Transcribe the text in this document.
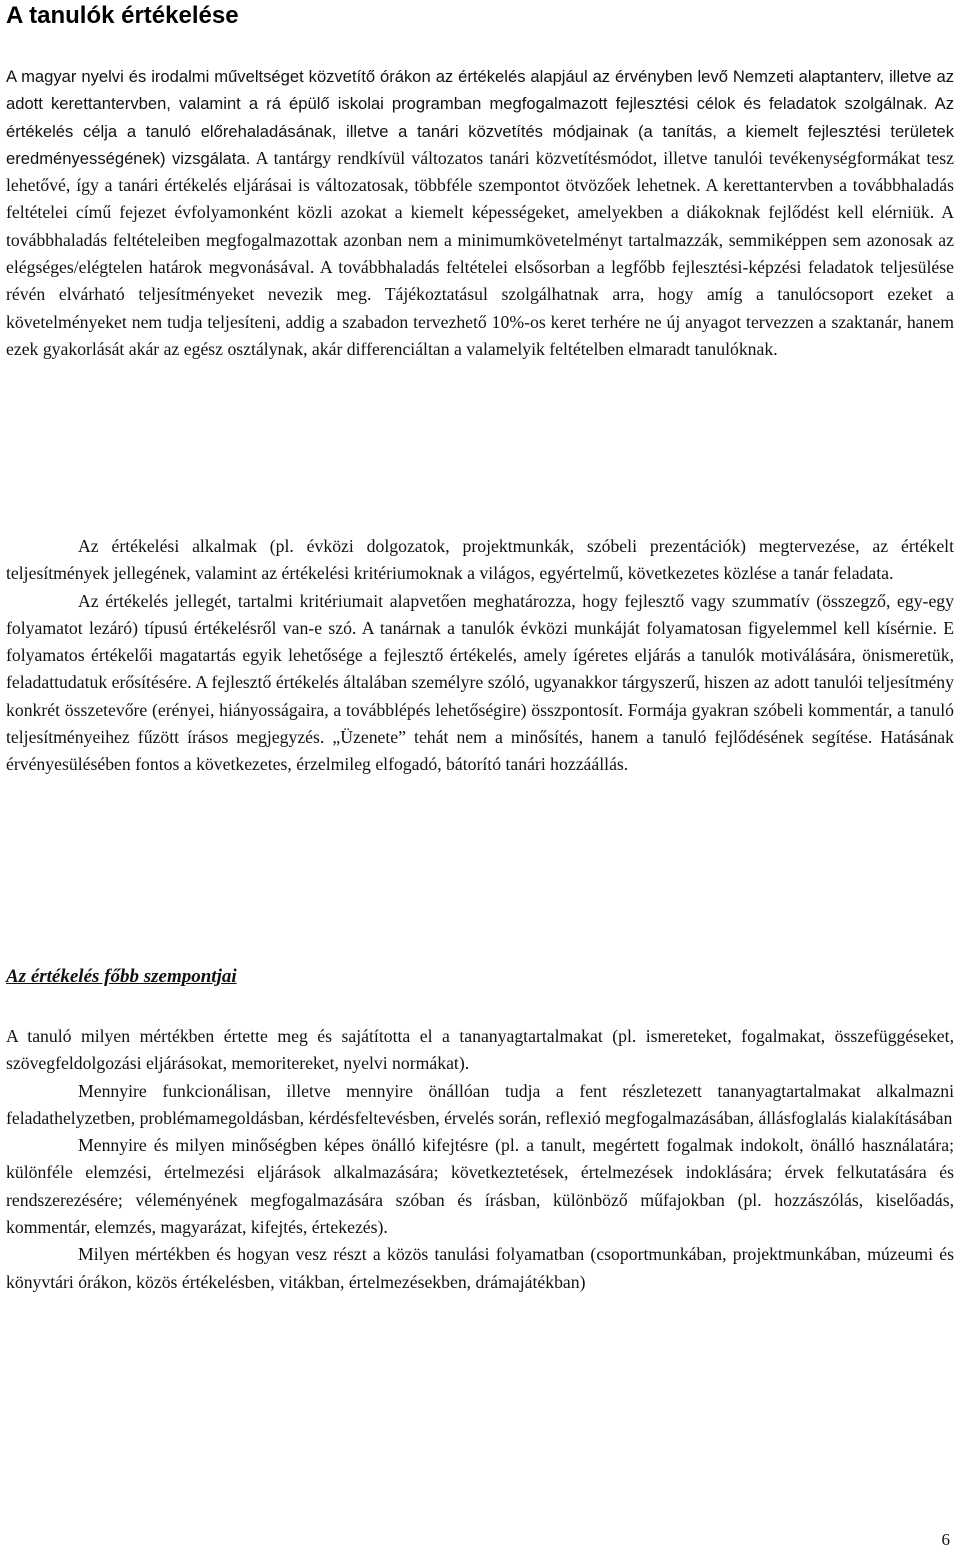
A tanulók értékelése

A magyar nyelvi és irodalmi műveltséget közvetítő órákon az értékelés alapjául az érvényben levő Nemzeti alaptanterv, illetve az adott kerettantervben, valamint a rá épülő iskolai programban megfogalmazott fejlesztési célok és feladatok szolgálnak. Az értékelés célja a tanuló előrehaladásának, illetve a tanári közvetítés módjainak (a tanítás, a kiemelt fejlesztési területek eredményességének) vizsgálata. A tantárgy rendkívül változatos tanári közvetítésmódot, illetve tanulói tevékenységformákat tesz lehetővé, így a tanári értékelés eljárásai is változatosak, többféle szempontot ötvözőek lehetnek. A kerettantervben a továbbhaladás feltételei című fejezet évfolyamonként közli azokat a kiemelt képességeket, amelyekben a diákoknak fejlődést kell elérniük. A továbbhaladás feltételeiben megfogalmazottak azonban nem a minimumkövetelményt tartalmazzák, semmiképpen sem azonosak az elégséges/elégtelen határok megvonásával. A továbbhaladás feltételei elsősorban a legfőbb fejlesztési-képzési feladatok teljesülése révén elvárható teljesítményeket nevezik meg. Tájékoztatásul szolgálhatnak arra, hogy amíg a tanulócsoport ezeket a követelményeket nem tudja teljesíteni, addig a szabadon tervezhető 10%-os keret terhére ne új anyagot tervezzen a szaktanár, hanem ezek gyakorlását akár az egész osztálynak, akár differenciáltan a valamelyik feltételben elmaradt tanulóknak.

Az értékelési alkalmak (pl. évközi dolgozatok, projektmunkák, szóbeli prezentációk) megtervezése, az értékelt teljesítmények jellegének, valamint az értékelési kritériumoknak a világos, egyértelmű, következetes közlése a tanár feladata.

Az értékelés jellegét, tartalmi kritériumait alapvetően meghatározza, hogy fejlesztő vagy szummatív (összegző, egy-egy folyamatot lezáró) típusú értékelésről van-e szó. A tanárnak a tanulók évközi munkáját folyamatosan figyelemmel kell kísérnie. E folyamatos értékelői magatartás egyik lehetősége a fejlesztő értékelés, amely ígéretes eljárás a tanulók motiválására, önismeretük, feladattudatuk erősítésére. A fejlesztő értékelés általában személyre szóló, ugyanakkor tárgyszerű, hiszen az adott tanulói teljesítmény konkrét összetevőre (erényei, hiányosságaira, a továbblépés lehetőségire) összpontosít. Formája gyakran szóbeli kommentár, a tanuló teljesítményeihez fűzött írásos megjegyzés. „Üzenete” tehát nem a minősítés, hanem a tanuló fejlődésének segítése. Hatásának érvényesülésében fontos a következetes, érzelmileg elfogadó, bátorító tanári hozzáállás.

Az értékelés főbb szempontjai

A tanuló milyen mértékben értette meg és sajátította el a tananyagtartalmakat (pl. ismereteket, fogalmakat, összefüggéseket, szövegfeldolgozási eljárásokat, memoritereket, nyelvi normákat).

Mennyire funkcionálisan, illetve mennyire önállóan tudja a fent részletezett tananyagtartalmakat alkalmazni feladathelyzetben, problémamegoldásban, kérdésfeltevésben, érvelés során, reflexió megfogalmazásában, állásfoglalás kialakításában

Mennyire és milyen minőségben képes önálló kifejtésre (pl. a tanult, megértett fogalmak indokolt, önálló használatára; különféle elemzési, értelmezési eljárások alkalmazására; következtetések, értelmezések indoklására; érvek felkutatására és rendszerezésére; véleményének megfogalmazására szóban és írásban, különböző műfajokban (pl. hozzászólás, kiselőadás, kommentár, elemzés, magyarázat, kifejtés, értekezés).

Milyen mértékben és hogyan vesz részt a közös tanulási folyamatban (csoportmunkában, projektmunkában, múzeumi és könyvtári órákon, közös értékelésben, vitákban, értelmezésekben, drámajátékban)

6
